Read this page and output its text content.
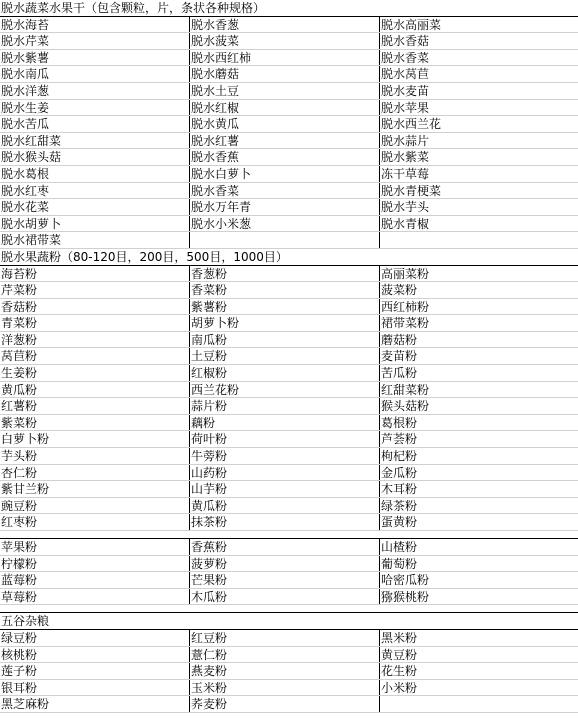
脱水蔬菜水果干（包含颗粒，片，条状各种规格）
脱水海苔	脱水香葱	脱水高丽菜
脱水芹菜	脱水菠菜	脱水香菇
脱水紫薯	脱水西红柿	脱水香菜
脱水南瓜	脱水蘑菇	脱水莴苣
脱水洋葱	脱水土豆	脱水麦苗
脱水生姜	脱水红椒	脱水苹果
脱水苦瓜	脱水黄瓜	脱水西兰花
脱水红甜菜	脱水红薯	脱水蒜片
脱水猴头菇	脱水香蕉	脱水紫菜
脱水葛根	脱水白萝卜	冻干草莓
脱水红枣	脱水香菜	脱水青梗菜
脱水花菜	脱水万年青	脱水芋头
脱水胡萝卜	脱水小米葱	脱水青椒
脱水裙带菜
脱水果蔬粉（80-120目，200目，500目，1000目）
海苔粉	香葱粉	高丽菜粉
芹菜粉	香菜粉	菠菜粉
香菇粉	紫薯粉	西红柿粉
青菜粉	胡萝卜粉	裙带菜粉
洋葱粉	南瓜粉	蘑菇粉
莴苣粉	土豆粉	麦苗粉
生姜粉	红椒粉	苦瓜粉
黄瓜粉	西兰花粉	红甜菜粉
红薯粉	蒜片粉	猴头菇粉
紫菜粉	藕粉	葛根粉
白萝卜粉	荷叶粉	芦荟粉
芋头粉	牛蒡粉	枸杞粉
杏仁粉	山药粉	金瓜粉
紫甘兰粉	山芋粉	木耳粉
豌豆粉	黄瓜粉	绿茶粉
红枣粉	抹茶粉	蛋黄粉
苹果粉	香蕉粉	山楂粉
柠檬粉	菠萝粉	葡萄粉
蓝莓粉	芒果粉	哈密瓜粉
草莓粉	木瓜粉	猕猴桃粉
五谷杂粮
绿豆粉	红豆粉	黑米粉
核桃粉	薏仁粉	黄豆粉
莲子粉	燕麦粉	花生粉
银耳粉	玉米粉	小米粉
黑芝麻粉	荞麦粉
